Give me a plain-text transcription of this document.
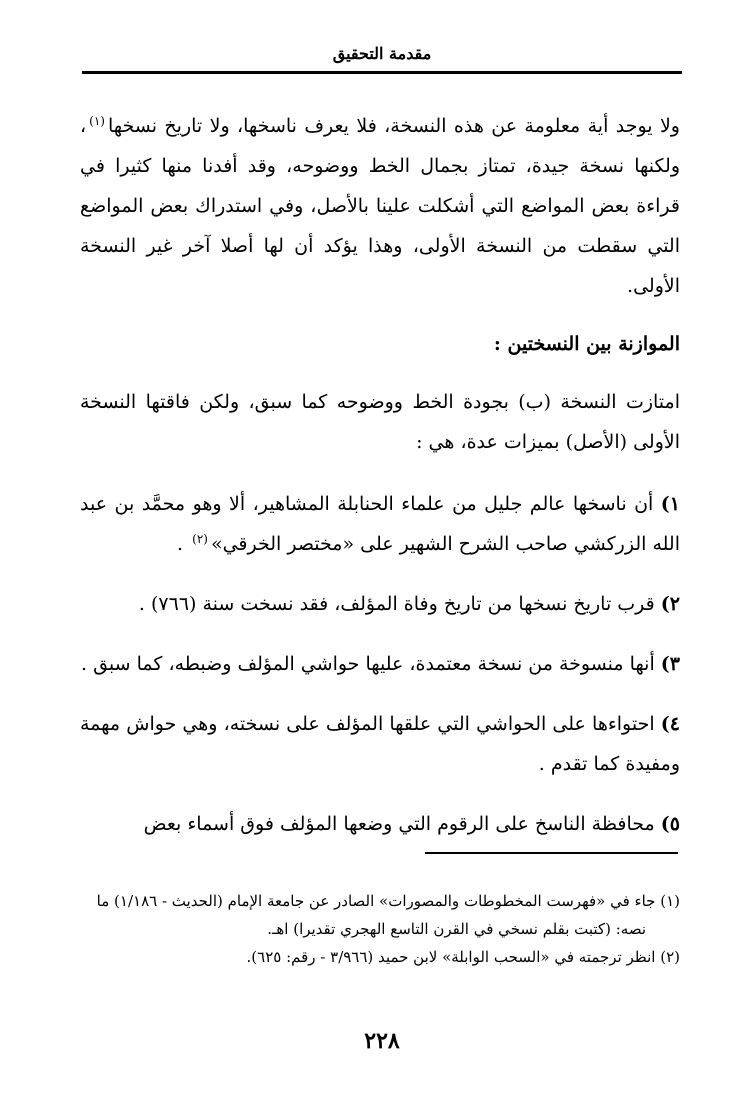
مقدمة التحقيق

ولا يوجد أية معلومة عن هذه النسخة، فلا يعرف ناسخها، ولا تاريخ نسخها$^{(١)}$، ولكنها نسخة جيدة، تمتاز بجمال الخط ووضوحه، وقد أفدنا منها كثيرا في قراءة بعض المواضع التي أشكلت علينا بالأصل، وفي استدراك بعض المواضع التي سقطت من النسخة الأولى، وهذا يؤكد أن لها أصلا آخر غير النسخة الأولى.

الموازنة بين النسختين :

امتازت النسخة (ب) بجودة الخط ووضوحه كما سبق، ولكن فاقتها النسخة الأولى (الأصل) بميزات عدة، هي :

١) أن ناسخها عالم جليل من علماء الحنابلة المشاهير، ألا وهو محمَّد بن عبد الله الزركشي صاحب الشرح الشهير على «مختصر الخرقي»$^{(٢)}$ .

٢) قرب تاريخ نسخها من تاريخ وفاة المؤلف، فقد نسخت سنة (٧٦٦) .

٣) أنها منسوخة من نسخة معتمدة، عليها حواشي المؤلف وضبطه، كما سبق .

٤) احتواءها على الحواشي التي علقها المؤلف على نسخته، وهي حواش مهمة ومفيدة كما تقدم .

٥) محافظة الناسخ على الرقوم التي وضعها المؤلف فوق أسماء بعض

(١) جاء في «فهرست المخطوطات والمصورات» الصادر عن جامعة الإمام (الحديث - ١/١٨٦) ما

نصه: (كتبت بقلم نسخي في القرن التاسع الهجري تقديرا) اهـ.

(٢) انظر ترجمته في «السحب الوابلة» لابن حميد (٣/٩٦٦ - رقم: ٦٢٥).

٢٢٨
